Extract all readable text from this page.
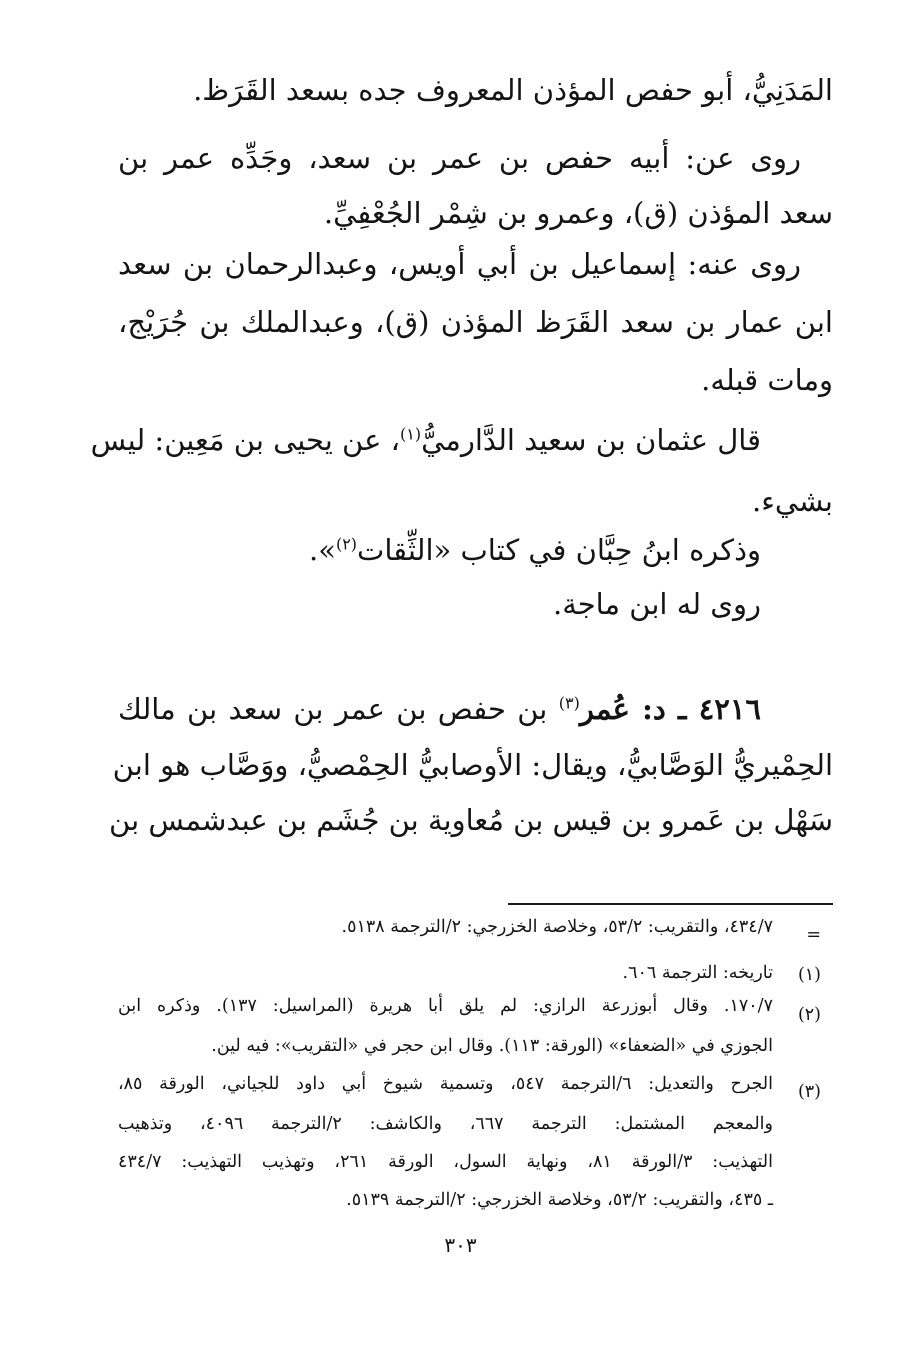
المَدَنِيُّ، أبو حفص المؤذن المعروف جده بسعد القَرَظ.
روى عن: أبيه حفص بن عمر بن سعد، وجَدِّه عمر بن
سعد المؤذن (ق)، وعمرو بن شِمْر الجُعْفِيِّ.
روى عنه: إسماعيل بن أبي أويس، وعبدالرحمان بن سعد
ابن عمار بن سعد القَرَظ المؤذن (ق)، وعبدالملك بن جُرَيْج،
ومات قبله.
قال عثمان بن سعيد الدَّارميُّ$^{(١)}$، عن يحيى بن مَعِين: ليس
بشيء.
وذكره ابنُ حِبَّان في كتاب «الثِّقات$^{(٢)}$».
روى له ابن ماجة.
٤٢١٦ ـ د: عُمر$^{(٣)}$ بن حفص بن عمر بن سعد بن مالك
الحِمْيريُّ الوَصَّابيُّ، ويقال: الأوصابيُّ الحِمْصيُّ، ووَصَّاب هو ابن
سَهْل بن عَمرو بن قيس بن مُعاوية بن جُشَم بن عبدشمس بن
=
٤٣٤/٧، والتقريب: ٥٣/٢، وخلاصة الخزرجي: ٢/الترجمة ٥١٣٨.
(١)
تاريخه: الترجمة ٦٠٦.
(٢)
١٧٠/٧. وقال أبوزرعة الرازي: لم يلق أبا هريرة (المراسيل: ١٣٧). وذكره ابن
الجوزي في «الضعفاء» (الورقة: ١١٣). وقال ابن حجر في «التقريب»: فيه لين.
(٣)
الجرح والتعديل: ٦/الترجمة ٥٤٧، وتسمية شيوخ أبي داود للجياني، الورقة ٨٥،
والمعجم المشتمل: الترجمة ٦٦٧، والكاشف: ٢/الترجمة ٤٠٩٦، وتذهيب
التهذيب: ٣/الورقة ٨١، ونهاية السول، الورقة ٢٦١، وتهذيب التهذيب: ٤٣٤/٧
ـ ٤٣٥، والتقريب: ٥٣/٢، وخلاصة الخزرجي: ٢/الترجمة ٥١٣٩.
٣٠٣
